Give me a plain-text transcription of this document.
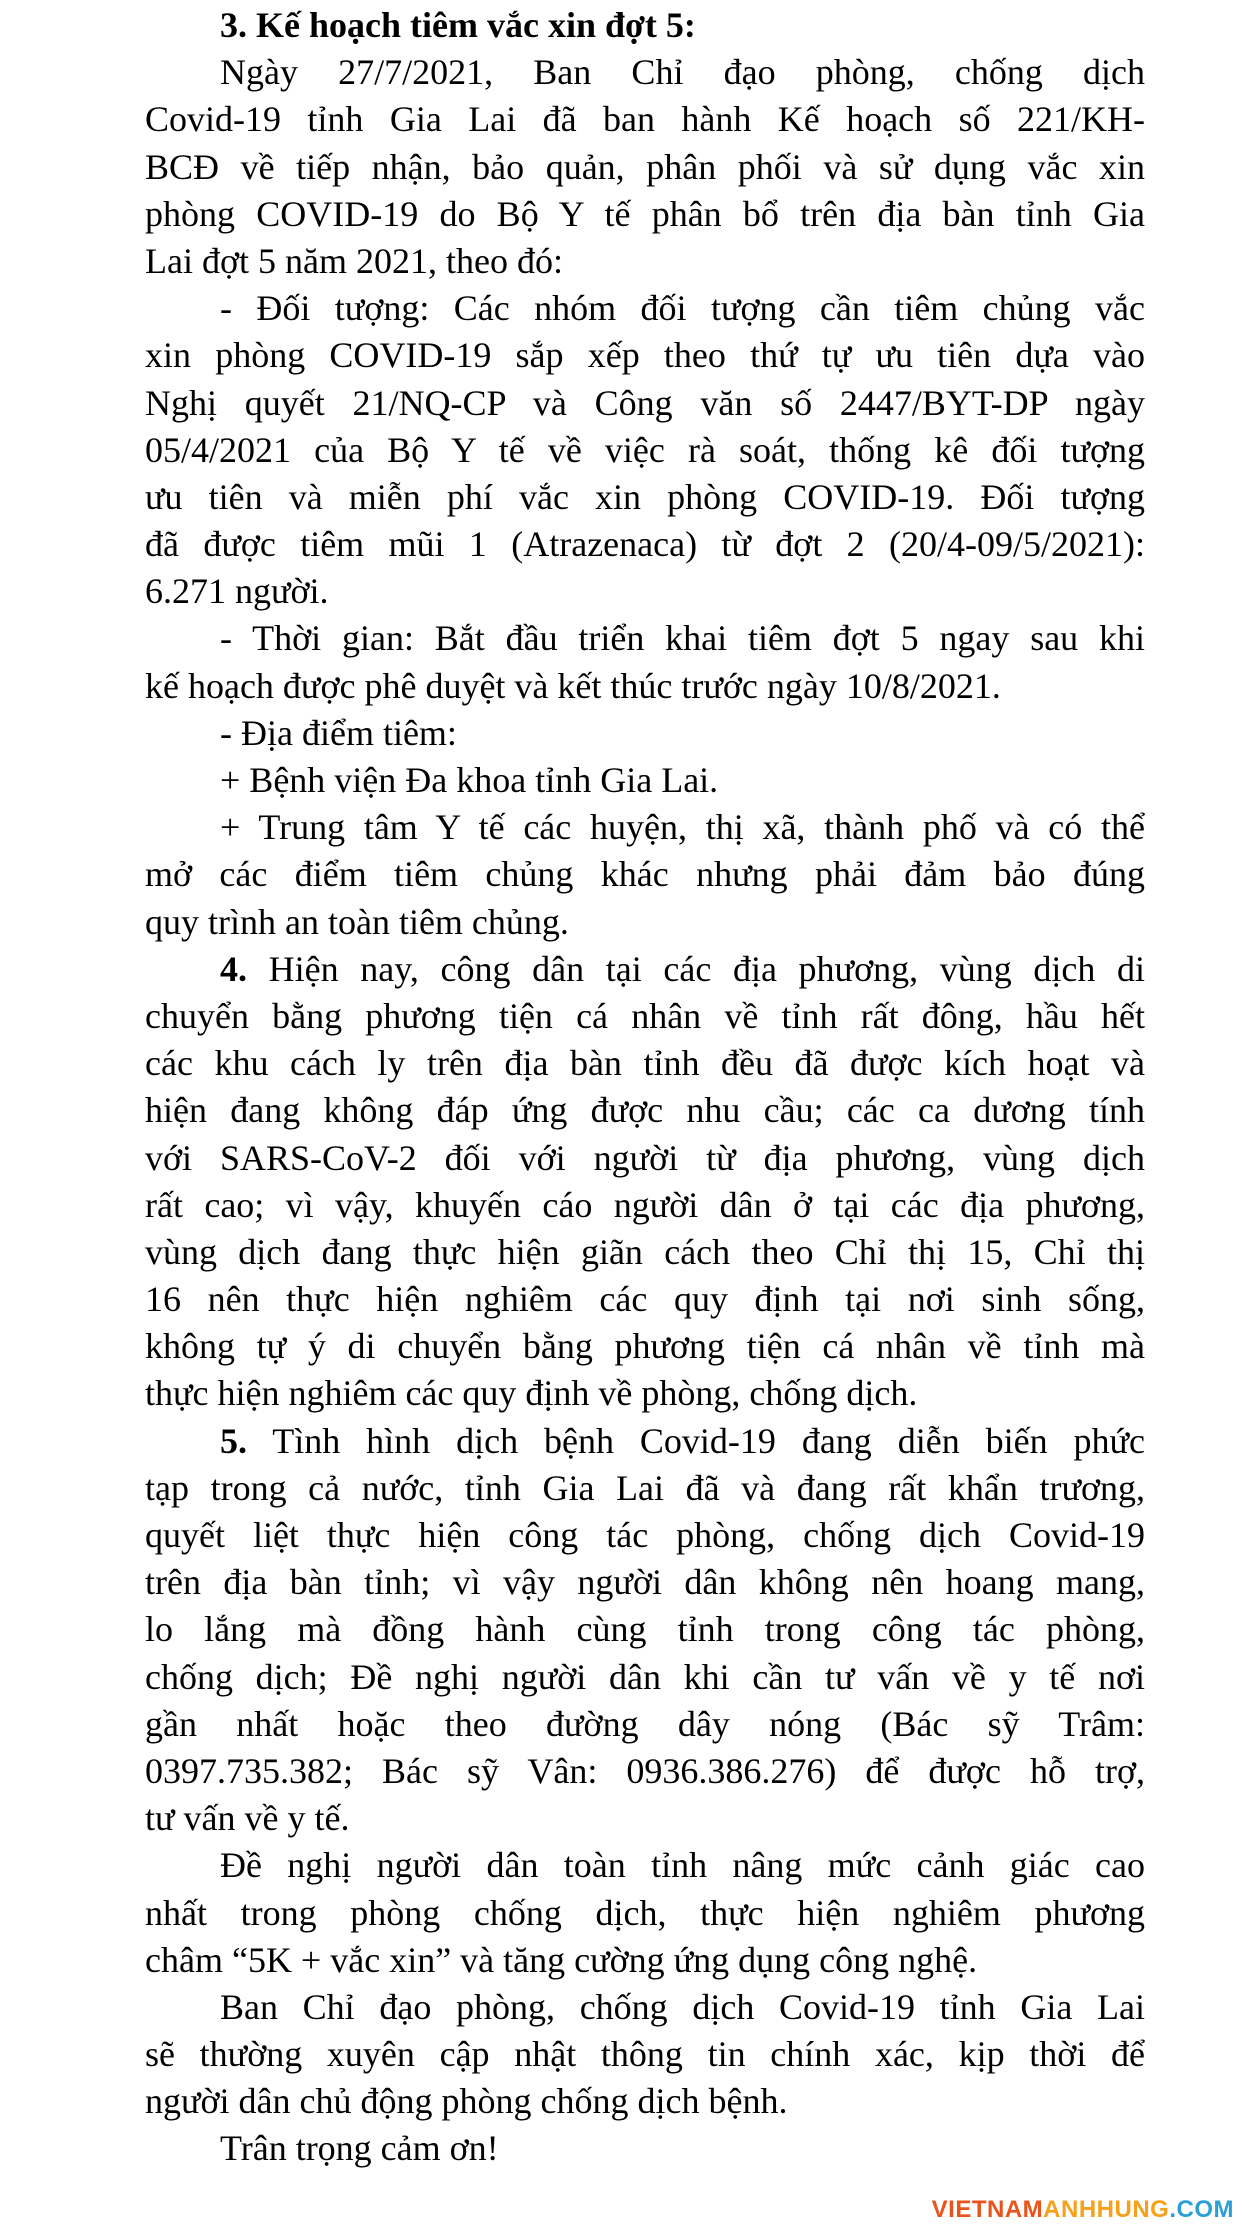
3. Kế hoạch tiêm vắc xin đợt 5:
Ngày 27/7/2021, Ban Chỉ đạo phòng, chống dịch
Covid-19 tỉnh Gia Lai đã ban hành Kế hoạch số 221/KH-
BCĐ về tiếp nhận, bảo quản, phân phối và sử dụng vắc xin
phòng COVID-19 do Bộ Y tế phân bổ trên địa bàn tỉnh Gia
Lai đợt 5 năm 2021, theo đó:
- Đối tượng: Các nhóm đối tượng cần tiêm chủng vắc
xin phòng COVID-19 sắp xếp theo thứ tự ưu tiên dựa vào
Nghị quyết 21/NQ-CP và Công văn số 2447/BYT-DP ngày
05/4/2021 của Bộ Y tế về việc rà soát, thống kê đối tượng
ưu tiên và miễn phí vắc xin phòng COVID-19. Đối tượng
đã được tiêm mũi 1 (Atrazenaca) từ đợt 2 (20/4-09/5/2021):
6.271 người.
- Thời gian: Bắt đầu triển khai tiêm đợt 5 ngay sau khi
kế hoạch được phê duyệt và kết thúc trước ngày 10/8/2021.
- Địa điểm tiêm:
+ Bệnh viện Đa khoa tỉnh Gia Lai.
+ Trung tâm Y tế các huyện, thị xã, thành phố và có thể
mở các điểm tiêm chủng khác nhưng phải đảm bảo đúng
quy trình an toàn tiêm chủng.
4. Hiện nay, công dân tại các địa phương, vùng dịch di
chuyển bằng phương tiện cá nhân về tỉnh rất đông, hầu hết
các khu cách ly trên địa bàn tỉnh đều đã được kích hoạt và
hiện đang không đáp ứng được nhu cầu; các ca dương tính
với SARS-CoV-2 đối với người từ địa phương, vùng dịch
rất cao; vì vậy, khuyến cáo người dân ở tại các địa phương,
vùng dịch đang thực hiện giãn cách theo Chỉ thị 15, Chỉ thị
16 nên thực hiện nghiêm các quy định tại nơi sinh sống,
không tự ý di chuyển bằng phương tiện cá nhân về tỉnh mà
thực hiện nghiêm các quy định về phòng, chống dịch.
5. Tình hình dịch bệnh Covid-19 đang diễn biến phức
tạp trong cả nước, tỉnh Gia Lai đã và đang rất khẩn trương,
quyết liệt thực hiện công tác phòng, chống dịch Covid-19
trên địa bàn tỉnh; vì vậy người dân không nên hoang mang,
lo lắng mà đồng hành cùng tỉnh trong công tác phòng,
chống dịch; Đề nghị người dân khi cần tư vấn về y tế nơi
gần nhất hoặc theo đường dây nóng (Bác sỹ Trâm:
0397.735.382; Bác sỹ Vân: 0936.386.276) để được hỗ trợ,
tư vấn về y tế.
Đề nghị người dân toàn tỉnh nâng mức cảnh giác cao
nhất trong phòng chống dịch, thực hiện nghiêm phương
châm “5K + vắc xin” và tăng cường ứng dụng công nghệ.
Ban Chỉ đạo phòng, chống dịch Covid-19 tỉnh Gia Lai
sẽ thường xuyên cập nhật thông tin chính xác, kịp thời để
người dân chủ động phòng chống dịch bệnh.
Trân trọng cảm ơn!
VIETNAMANHHUNG.COM
